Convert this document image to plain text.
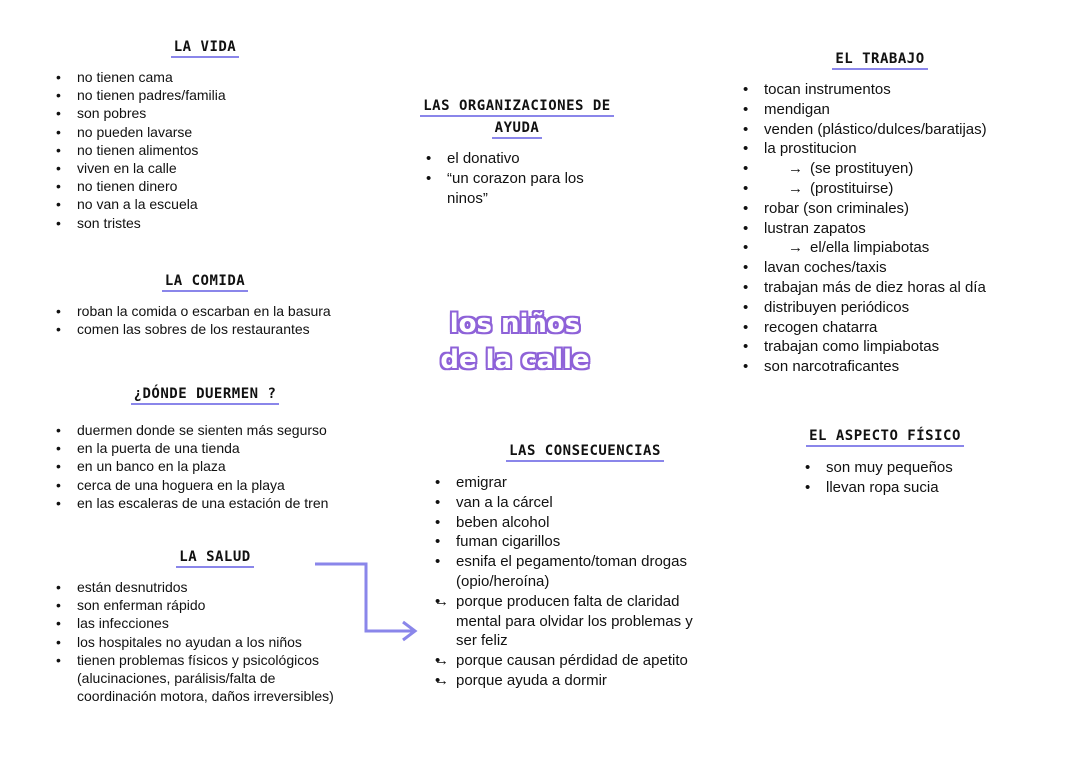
los niños
de la calle
LA VIDA
• no tienen cama
• no tienen padres/familia
• son pobres
• no pueden lavarse
• no tienen alimentos
• viven en la calle
• no tienen dinero
• no van a la escuela
• son tristes
LA COMIDA
• roban la comida o escarban en la basura
• comen las sobres de los restaurantes
¿DÓNDE DUERMEN ?
• duermen donde se sienten más segurso
• en la puerta de una tienda
• en un banco en la plaza
• cerca de una hoguera en la playa
• en las escaleras de una estación de tren
LA SALUD
• están desnutridos
• son enferman rápido
• las infecciones
• los hospitales no ayudan a los niños
• tienen problemas físicos y psicológicos
(alucinaciones, parálisis/falta de
coordinación motora, daños irreversibles)
LAS ORGANIZACIONES DE
AYUDA
• el donativo
• “un corazon para los
ninos”
LAS CONSECUENCIAS
• emigrar
• van a la cárcel
• beben alcohol
• fuman cigarillos
• esnifa el pegamento/toman drogas
(opio/heroína)
• → porque producen falta de claridad
mental para olvidar los problemas y
ser feliz
• → porque causan pérdidad de apetito
• → porque ayuda a dormir
EL TRABAJO
• tocan instrumentos
• mendigan
• venden (plástico/dulces/baratijas)
• la prostitucion
• → (se prostituyen)
• → (prostituirse)
• robar (son criminales)
• lustran zapatos
• → el/ella limpiabotas
• lavan coches/taxis
• trabajan más de diez horas al día
• distribuyen periódicos
• recogen chatarra
• trabajan como limpiabotas
• son narcotraficantes
EL ASPECTO FÍSICO
• son muy pequeños
• llevan ropa sucia
